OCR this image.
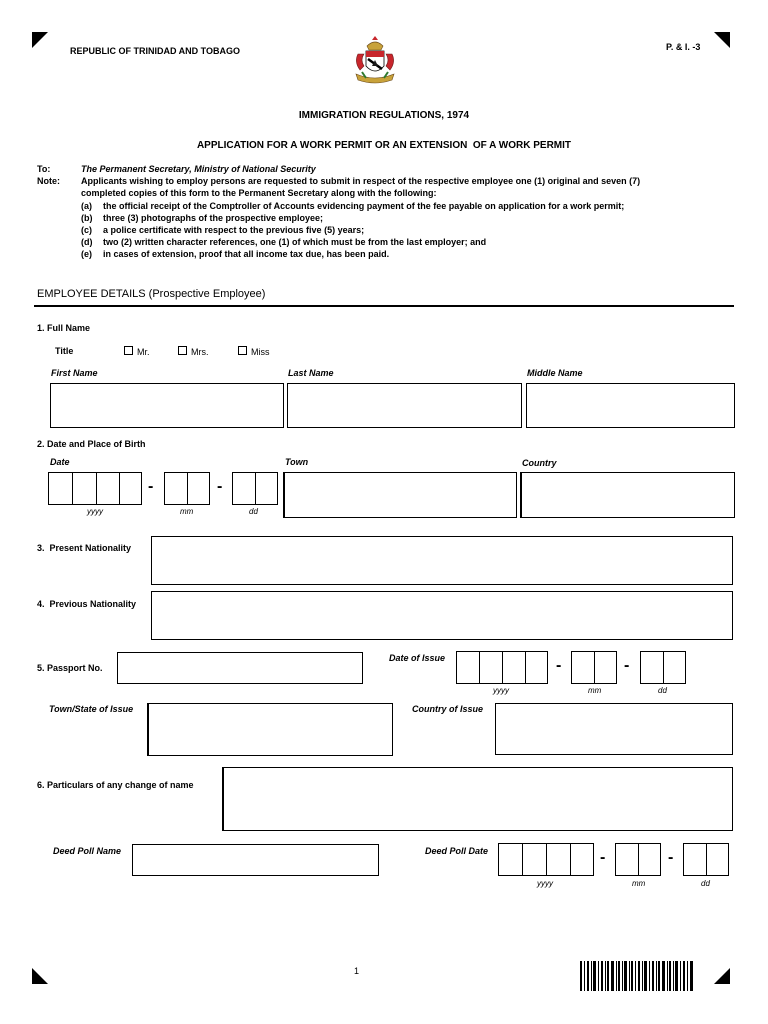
REPUBLIC OF TRINIDAD AND TOBAGO	P. & I. -3
IMMIGRATION REGULATIONS, 1974
APPLICATION FOR A WORK PERMIT OR AN EXTENSION  OF A WORK PERMIT
To:	The Permanent Secretary, Ministry of National Security
Note: Applicants wishing to employ persons are requested to submit in respect of the respective employee one (1) original and seven (7)
completed copies of this form to the Permanent Secretary along with the following:
(a) the official receipt of the Comptroller of Accounts evidencing payment of the fee payable on application for a work permit;
(b) three (3) photographs of the prospective employee;
(c) a police certificate with respect to the previous five (5) years;
(d) two (2) written character references, one (1) of which must be from the last employer; and
(e) in cases of extension, proof that all income tax due, has been paid.
EMPLOYEE DETAILS (Prospective Employee)
1. Full Name
Title	Mr.	Mrs.	Miss
First Name	Last Name	Middle Name
2. Date and Place of Birth
Date	Town	Country
-	-
yyyy	mm	dd
3.  Present Nationality
4.  Previous Nationality
5. Passport No.
Date of Issue	-	-
yyyy	mm	dd
Town/State of Issue	Country of Issue
6. Particulars of any change of name
Deed Poll Name	Deed Poll Date	-	-
yyyy	mm	dd
1
